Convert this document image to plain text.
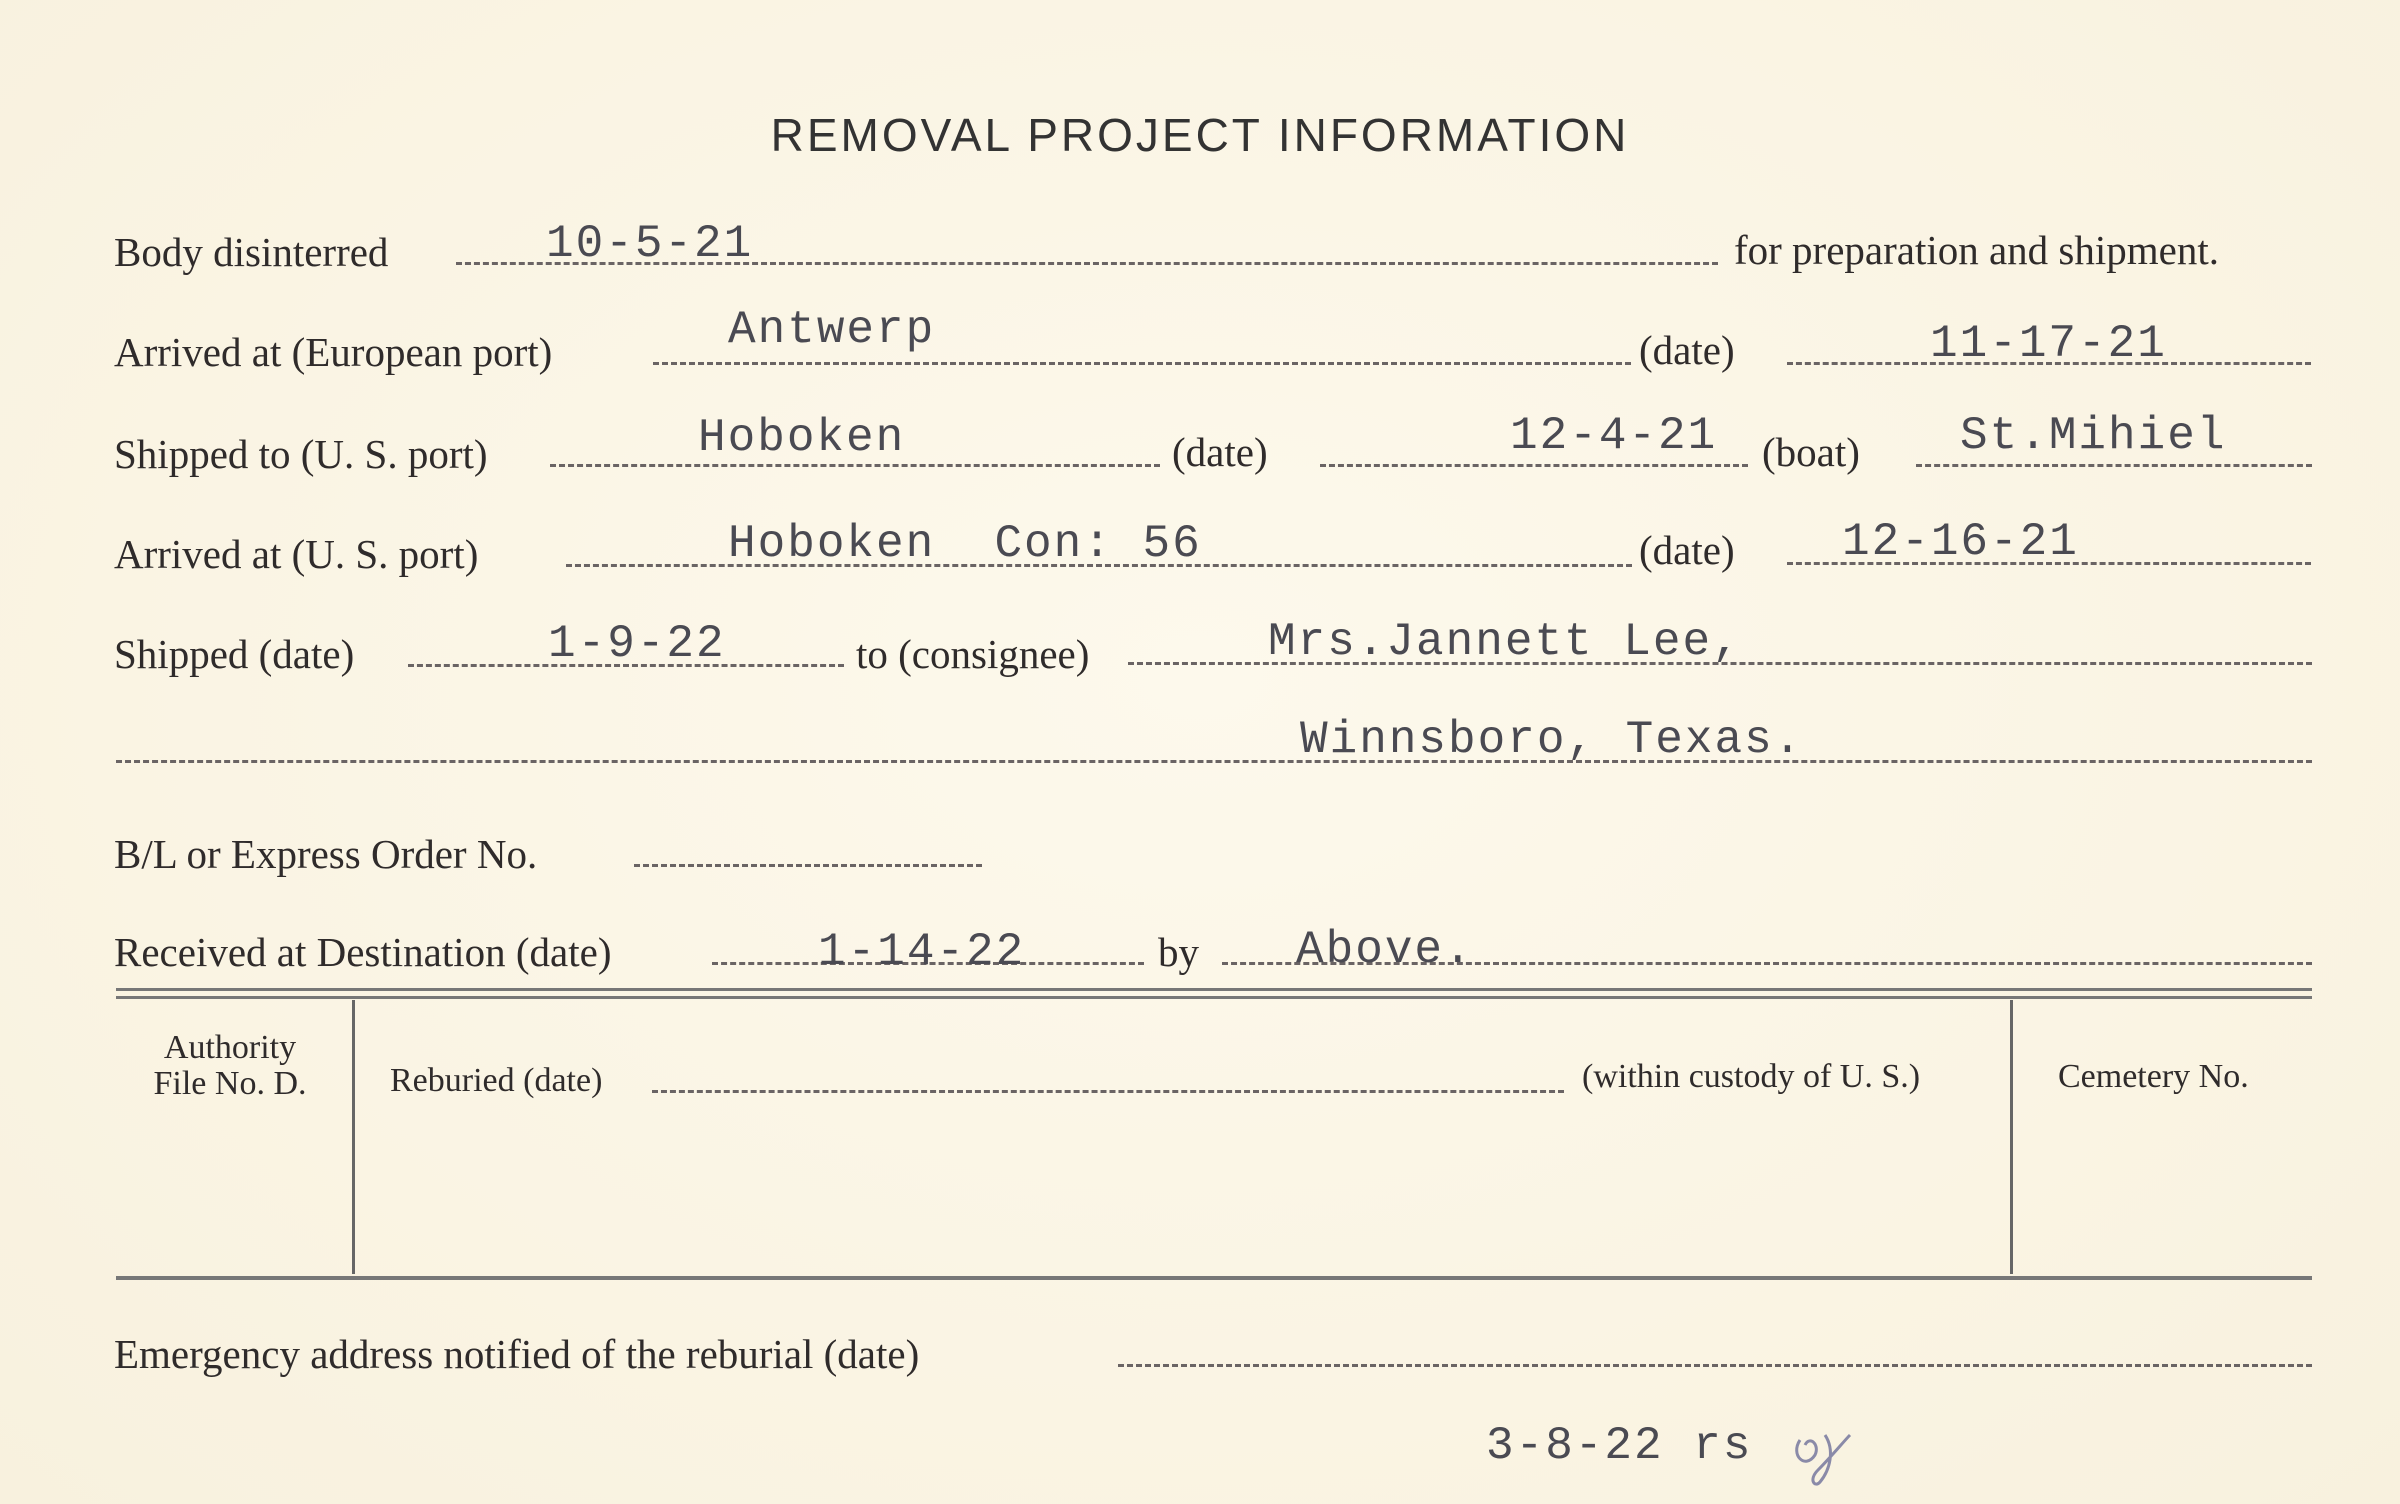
REMOVAL PROJECT INFORMATION
Body disinterred	10-5-21	for preparation and shipment.
Arrived at (European port)	Antwerp	(date)	11-17-21
Shipped to (U. S. port)	Hoboken	(date)	12-4-21 (boat) St.Mihiel
Arrived at (U. S. port)	Hoboken  Con: 56	(date) 12-16-21
Shipped (date)	1-9-22	to (consignee)	Mrs.Jannett Lee,
Winnsboro, Texas.
B/L or Express Order No.
Received at Destination (date)	1-14-22	by Above.
Authority
File No. D.	Reburied (date)	(within custody of U. S.)	Cemetery No.
Emergency address notified of the reburial (date)
3-8-22 rs
